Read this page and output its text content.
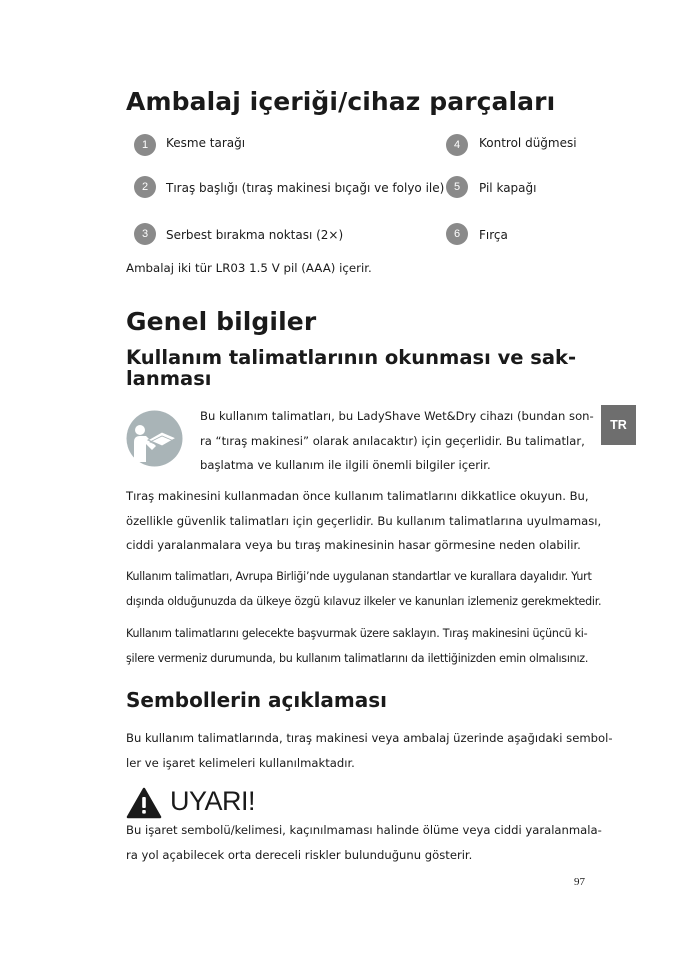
Ambalaj içeriği/cihaz parçaları
1	Kesme tarağı
2	Tıraş başlığı (tıraş makinesi bıçağı ve folyo ile)
3	Serbest bırakma noktası (2×)
4	Kontrol düğmesi
5	Pil kapağı
6	Fırça
Ambalaj iki tür LR03 1.5 V pil (AAA) içerir.
Genel bilgiler
Kullanım talimatlarının okunması ve sak-
lanması
Bu kullanım talimatları, bu LadyShave Wet&Dry cihazı (bundan son-
ra “tıraş makinesi” olarak anılacaktır) için geçerlidir. Bu talimatlar,
başlatma ve kullanım ile ilgili önemli bilgiler içerir.
Tıraş makinesini kullanmadan önce kullanım talimatlarını dikkatlice okuyun. Bu,
özellikle güvenlik talimatları için geçerlidir. Bu kullanım talimatlarına uyulmaması,
ciddi yaralanmalara veya bu tıraş makinesinin hasar görmesine neden olabilir.
Kullanım talimatları, Avrupa Birliği’nde uygulanan standartlar ve kurallara dayalıdır. Yurt
dışında olduğunuzda da ülkeye özgü kılavuz ilkeler ve kanunları izlemeniz gerekmektedir.
Kullanım talimatlarını gelecekte başvurmak üzere saklayın. Tıraş makinesini üçüncü ki-
şilere vermeniz durumunda, bu kullanım talimatlarını da ilettiğinizden emin olmalısınız.
TR
Sembollerin açıklaması
Bu kullanım talimatlarında, tıraş makinesi veya ambalaj üzerinde aşağıdaki sembol-
ler ve işaret kelimeleri kullanılmaktadır.
UYARI!
Bu işaret sembolü/kelimesi, kaçınılmaması halinde ölüme veya ciddi yaralanmala-
ra yol açabilecek orta dereceli riskler bulunduğunu gösterir.
97
